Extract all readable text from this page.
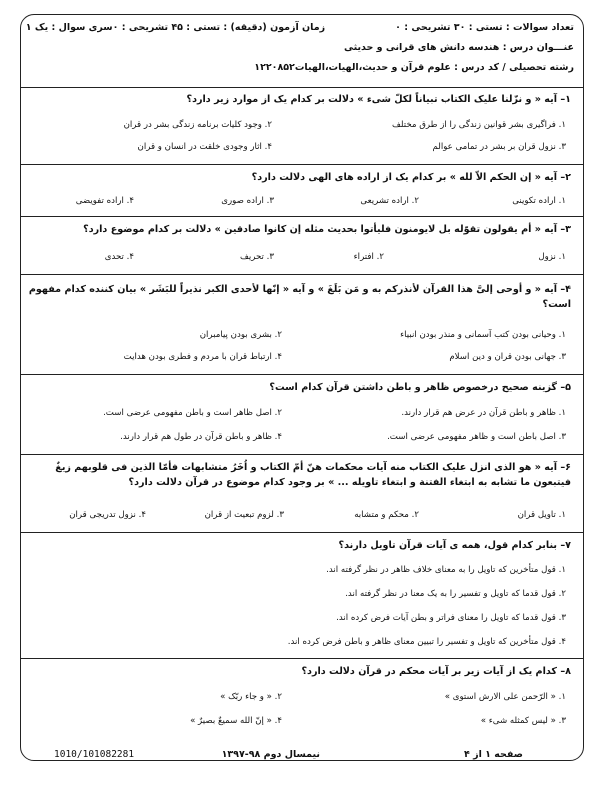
تعداد سوالات : تستی : ۳۰ تشریحی : ۰
زمان آزمون (دقیقه) : تستی : ۴۵ تشریحی : ۰
سری سوال : یک ۱
عنـــوان درس : هندسه دانش های قرانی و حدیثی
رشته تحصیلی / کد درس : علوم قرآن و حدیث،الهیات،الهیات۱۲۲۰۸۵۲
۱– آیه « و نزّلنا علیک الکتاب تبیاناً لکلّ شیء » دلالت بر کدام یک از موارد زیر دارد؟
۱. فراگیری بشر قوانین زندگی را از طرق مختلف
۲. وجود کلیات برنامه زندگی بشر در قران
۳. نزول قران بر بشر در تمامی عوالم
۴. اثار وجودی خلقت در انسان و قران
۲– آیه « إن الحکم الاّ لله » بر کدام یک از اراده های الهی دلالت دارد؟
۱. اراده تکوینی
۲. اراده تشریعی
۳. اراده صوری
۴. اراده تفویضی
۳– آیه « أم یقولون تقوّله بل لایومنون فلیأتوا بحدیث مثله إن کانوا صادقین » دلالت بر کدام موضوع دارد؟
۱. نزول
۲. افتراء
۳. تحریف
۴. تحدی
۴– آیه « و أوحی إلیَّ هذا القرآن لأنذرکم به و مَن بَلَغَ » و آیه « إنّها لأحدی الکبر نذیراً للبَشَر » بیان کننده کدام مفهوم است؟
۱. وحیانی بودن کتب آسمانی و منذر بودن انبیاء
۲. بشری بودن پیامبران
۳. جهانی بودن قران و دین اسلام
۴. ارتباط قران با مردم و فطری بودن هدایت
۵– گزینه صحیح درخصوص ظاهر و باطن داشتن قرآن کدام است؟
۱. ظاهر و باطن قرآن در عرض هم قرار دارند.
۲. اصل ظاهر است و باطن مفهومی عرضی است.
۳. اصل باطن است و ظاهر مفهومی عرضی است.
۴. ظاهر و باطن قرآن در طول هم قرار دارند.
۶– آیه « هو الذی انزل علیک الکتاب منه آیات محکمات هنّ أمّ الکتاب و اُخَرُ متشابهات فأمّا الذین فی قلوبهم زیغٌ فیتبعون ما تشابه به ابتغاء الفتنة و ابتغاء تاویله ... » بر وجود کدام موضوع در قرآن دلالت دارد؟
۱. تاویل قران
۲. محکم و متشابه
۳. لزوم تبعیت از قران
۴. نزول تدریجی قران
۷– بنابر کدام قول، همه ی آیات قرآن تاویل دارند؟
۱. قول متأخرین که تاویل را به معنای خلاف ظاهر در نظر گرفته اند.
۲. قول قدما که تاویل و تفسیر را به یک معنا در نظر گرفته اند.
۳. قول قدما که تاویل را معنای فراتر و بطن آیات فرض کرده اند.
۴. قول متأخرین که تاویل و تفسیر را تبیین معنای ظاهر و باطن فرض کرده اند.
۸– کدام یک از آیات زیر بر آیات محکم در قرآن دلالت دارد؟
۱. « الرّحمن علی الارش استوی »
۲. « و جاء ربّک »
۳. « لیس کمثله شیء »
۴. « إنّ الله سمیعٌ بصیرٌ »
نیمسال دوم ۹۸-۱۳۹۷	صفحه ۱ از ۴
1010/101082281
